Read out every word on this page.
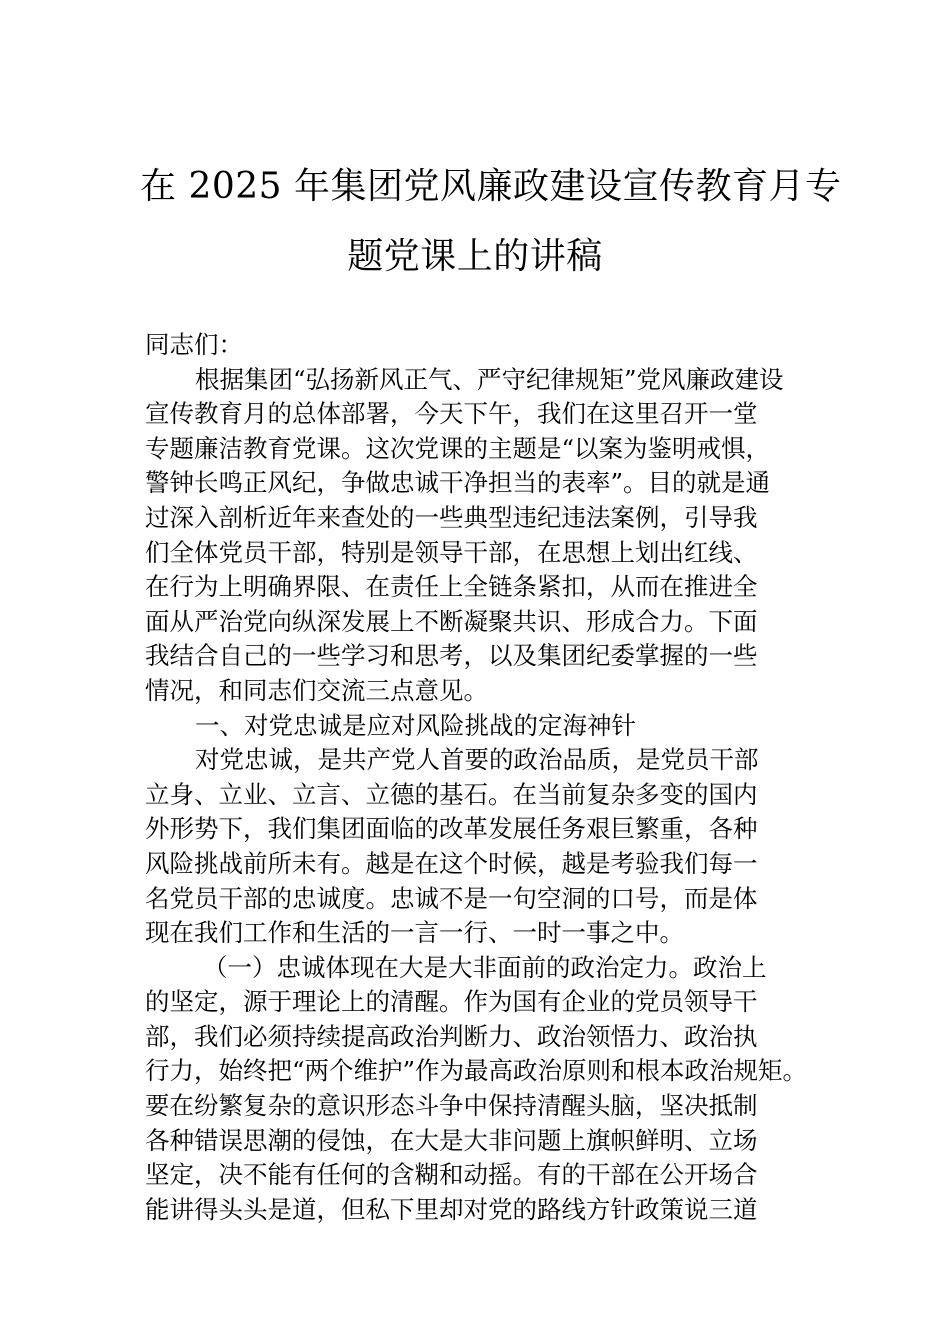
在 2025 年集团党风廉政建设宣传教育月专
题党课上的讲稿
同志们：
根据集团“弘扬新风正气、严守纪律规矩”党风廉政建设
宣传教育月的总体部署，今天下午，我们在这里召开一堂
专题廉洁教育党课。这次党课的主题是“以案为鉴明戒惧，
警钟长鸣正风纪，争做忠诚干净担当的表率”。目的就是通
过深入剖析近年来查处的一些典型违纪违法案例，引导我
们全体党员干部，特别是领导干部，在思想上划出红线、
在行为上明确界限、在责任上全链条紧扣，从而在推进全
面从严治党向纵深发展上不断凝聚共识、形成合力。下面
我结合自己的一些学习和思考，以及集团纪委掌握的一些
情况，和同志们交流三点意见。
一、对党忠诚是应对风险挑战的定海神针
对党忠诚，是共产党人首要的政治品质，是党员干部
立身、立业、立言、立德的基石。在当前复杂多变的国内
外形势下，我们集团面临的改革发展任务艰巨繁重，各种
风险挑战前所未有。越是在这个时候，越是考验我们每一
名党员干部的忠诚度。忠诚不是一句空洞的口号，而是体
现在我们工作和生活的一言一行、一时一事之中。
（一）忠诚体现在大是大非面前的政治定力。政治上
的坚定，源于理论上的清醒。作为国有企业的党员领导干
部，我们必须持续提高政治判断力、政治领悟力、政治执
行力，始终把“两个维护”作为最高政治原则和根本政治规矩。
要在纷繁复杂的意识形态斗争中保持清醒头脑，坚决抵制
各种错误思潮的侵蚀，在大是大非问题上旗帜鲜明、立场
坚定，决不能有任何的含糊和动摇。有的干部在公开场合
能讲得头头是道，但私下里却对党的路线方针政策说三道
